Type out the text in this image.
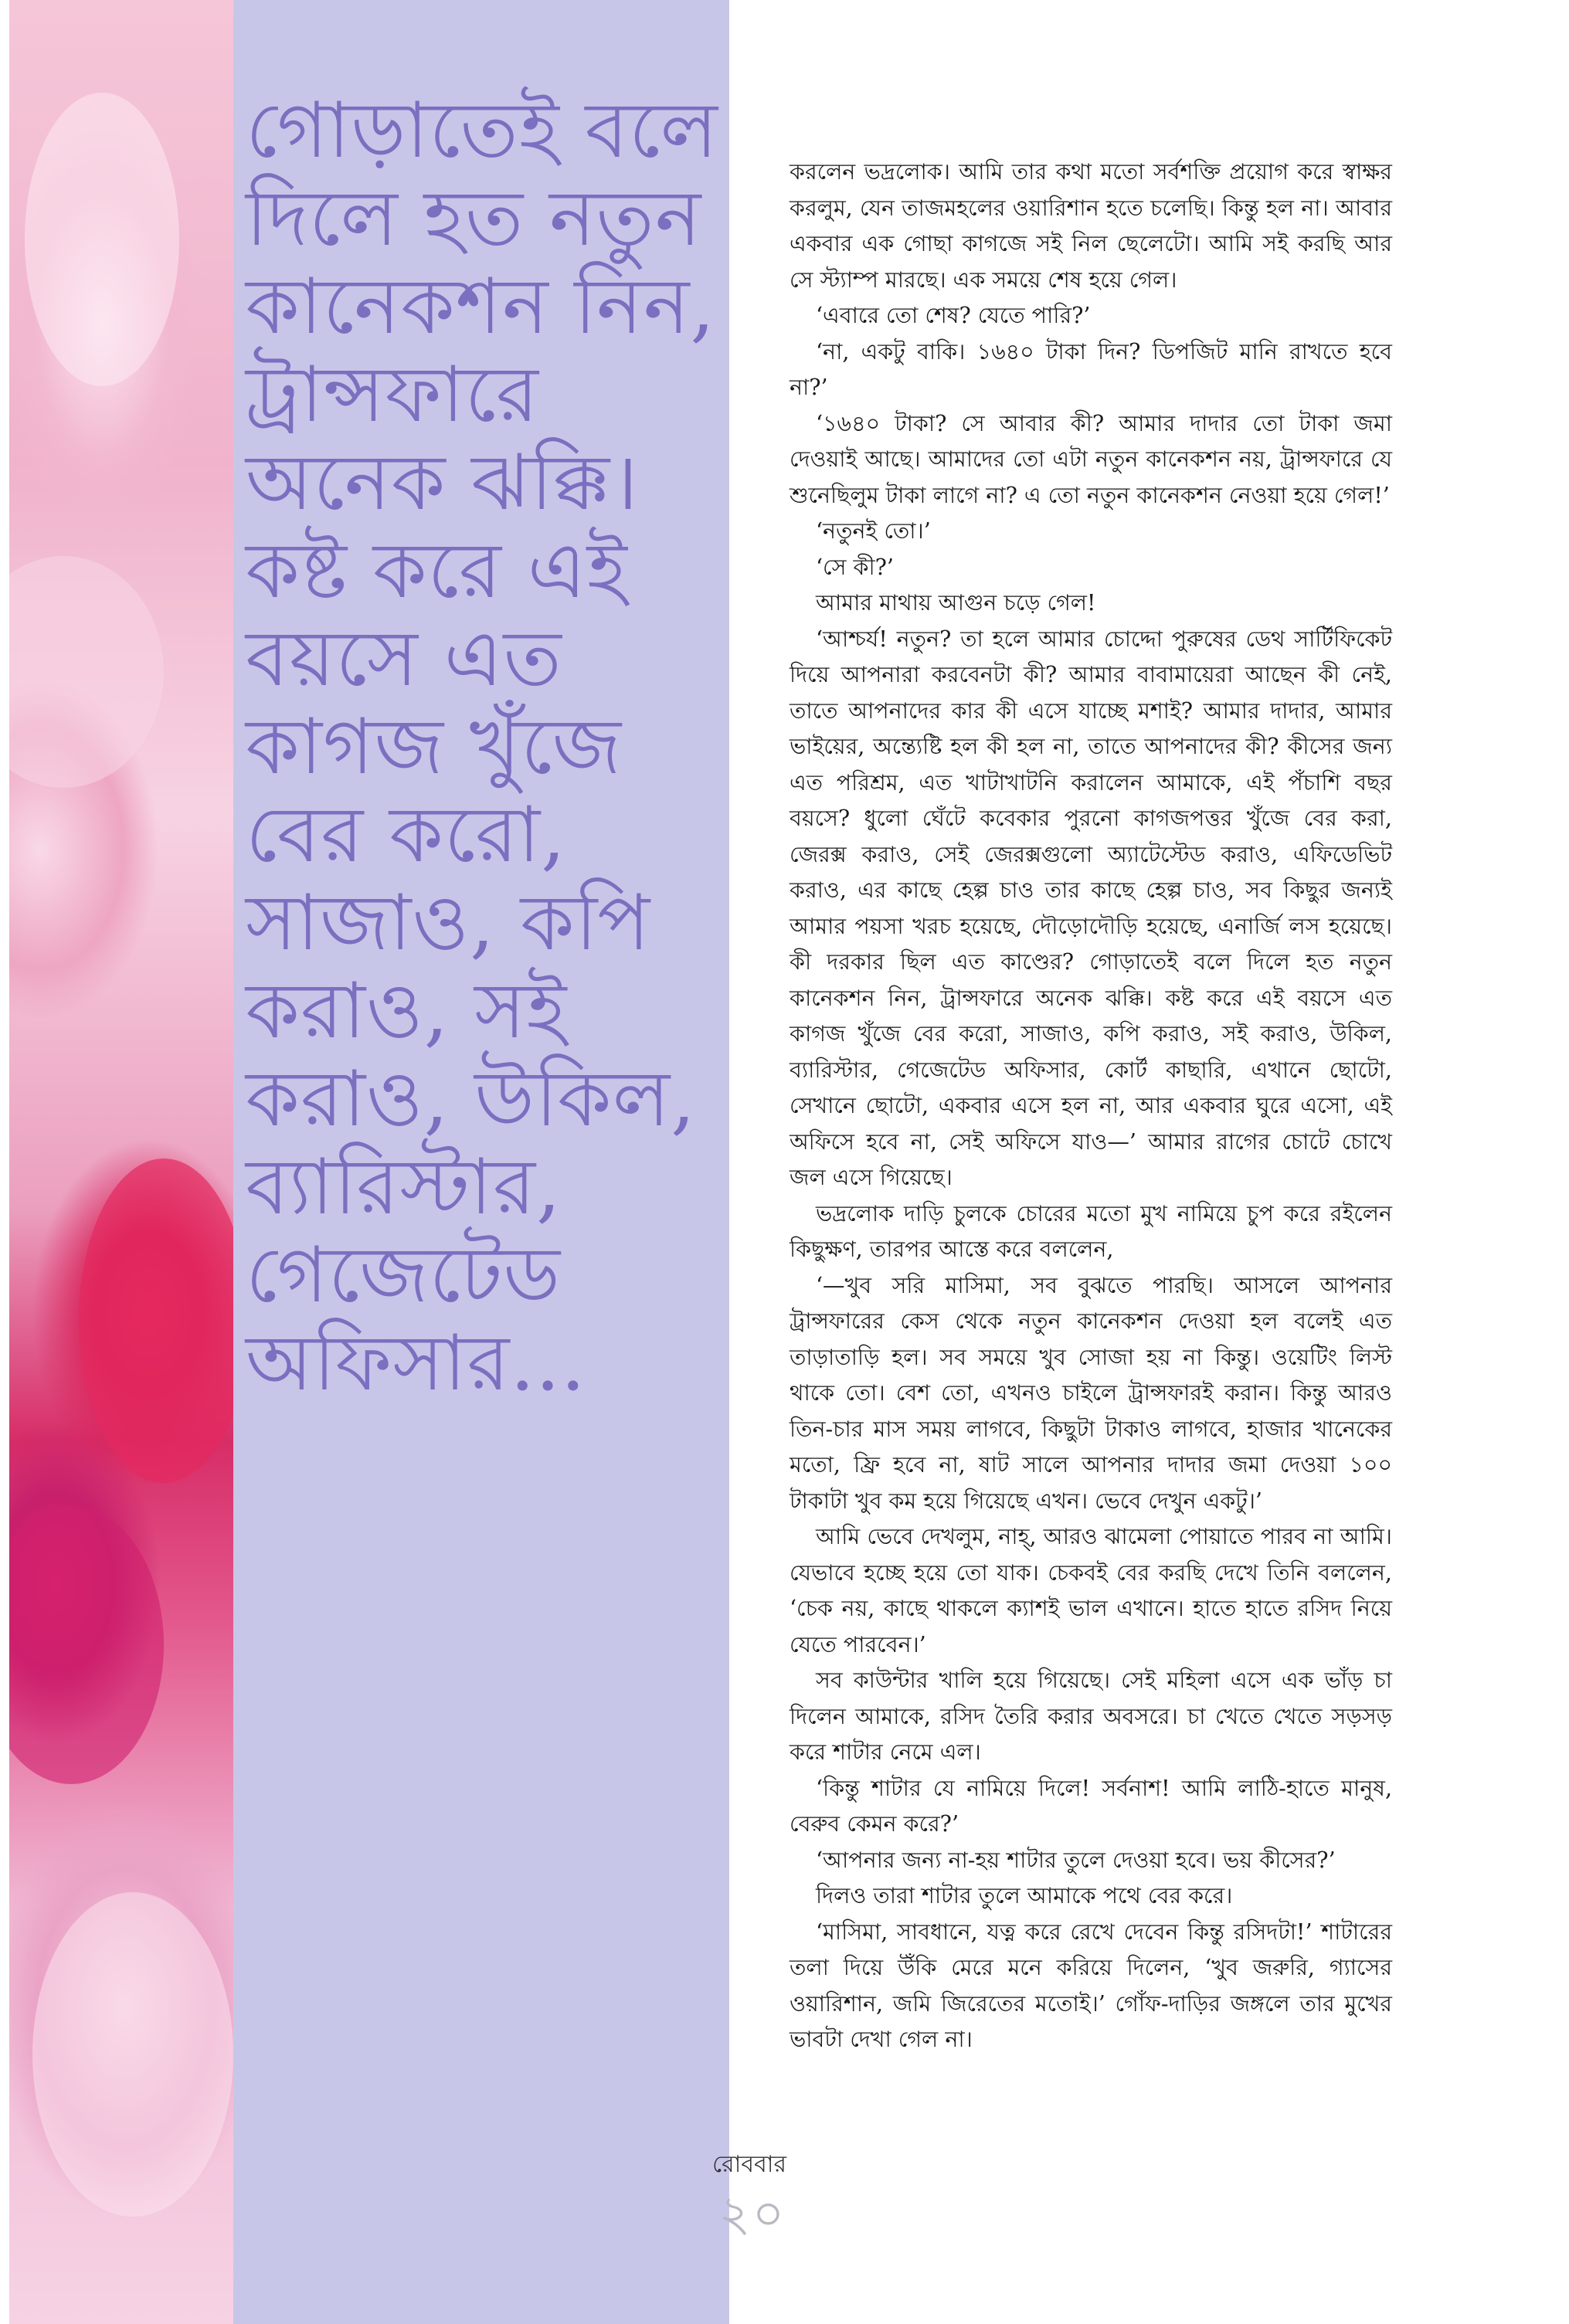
গোড়াতেই বলে দিলে হত নতুন কানেকশন নিন, ট্রান্সফারে অনেক ঝক্কি। কষ্ট করে এই বয়সে এত কাগজ খুঁজে বের করো, সাজাও, কপি করাও, সই করাও, উকিল, ব্যারিস্টার, গেজেটেড অফিসার...

করলেন ভদ্রলোক। আমি তার কথা মতো সর্বশক্তি প্রয়োগ করে স্বাক্ষর করলুম, যেন তাজমহলের ওয়ারিশান হতে চলেছি। কিন্তু হল না। আবার একবার এক গোছা কাগজে সই নিল ছেলেটো। আমি সই করছি আর সে স্ট্যাম্প মারছে। এক সময়ে শেষ হয়ে গেল।

‘এবারে তো শেষ? যেতে পারি?’

‘না, একটু বাকি। ১৬৪০ টাকা দিন? ডিপজিট মানি রাখতে হবে না?’

‘১৬৪০ টাকা? সে আবার কী? আমার দাদার তো টাকা জমা দেওয়াই আছে। আমাদের তো এটা নতুন কানেকশন নয়, ট্রান্সফারে যে শুনেছিলুম টাকা লাগে না? এ তো নতুন কানেকশন নেওয়া হয়ে গেল!’

‘নতুনই তো।’

‘সে কী?’

আমার মাথায় আগুন চড়ে গেল!

‘আশ্চর্য! নতুন? তা হলে আমার চোদ্দো পুরুষের ডেথ সার্টিফিকেট দিয়ে আপনারা করবেনটা কী? আমার বাবামায়েরা আছেন কী নেই, তাতে আপনাদের কার কী এসে যাচ্ছে মশাই? আমার দাদার, আমার ভাইয়ের, অন্ত্যেষ্টি হল কী হল না, তাতে আপনাদের কী? কীসের জন্য এত পরিশ্রম, এত খাটাখাটনি করালেন আমাকে, এই পঁচাশি বছর বয়সে? ধুলো ঘেঁটে কবেকার পুরনো কাগজপত্তর খুঁজে বের করা, জেরক্স করাও, সেই জেরক্সগুলো অ্যাটেস্টেড করাও, এফিডেভিট করাও, এর কাছে হেল্প চাও তার কাছে হেল্প চাও, সব কিছুর জন্যই আমার পয়সা খরচ হয়েছে, দৌড়োদৌড়ি হয়েছে, এনার্জি লস হয়েছে। কী দরকার ছিল এত কাণ্ডের? গোড়াতেই বলে দিলে হত নতুন কানেকশন নিন, ট্রান্সফারে অনেক ঝক্কি। কষ্ট করে এই বয়সে এত কাগজ খুঁজে বের করো, সাজাও, কপি করাও, সই করাও, উকিল, ব্যারিস্টার, গেজেটেড অফিসার, কোর্ট কাছারি, এখানে ছোটো, সেখানে ছোটো, একবার এসে হল না, আর একবার ঘুরে এসো, এই অফিসে হবে না, সেই অফিসে যাও—’ আমার রাগের চোটে চোখে জল এসে গিয়েছে।

ভদ্রলোক দাড়ি চুলকে চোরের মতো মুখ নামিয়ে চুপ করে রইলেন কিছুক্ষণ, তারপর আস্তে করে বললেন,

‘—খুব সরি মাসিমা, সব বুঝতে পারছি। আসলে আপনার ট্রান্সফারের কেস থেকে নতুন কানেকশন দেওয়া হল বলেই এত তাড়াতাড়ি হল। সব সময়ে খুব সোজা হয় না কিন্তু। ওয়েটিং লিস্ট থাকে তো। বেশ তো, এখনও চাইলে ট্রান্সফারই করান। কিন্তু আরও তিন-চার মাস সময় লাগবে, কিছুটা টাকাও লাগবে, হাজার খানেকের মতো, ফ্রি হবে না, ষাট সালে আপনার দাদার জমা দেওয়া ১০০ টাকাটা খুব কম হয়ে গিয়েছে এখন। ভেবে দেখুন একটু।’

আমি ভেবে দেখলুম, নাহ্‌, আরও ঝামেলা পোয়াতে পারব না আমি। যেভাবে হচ্ছে হয়ে তো যাক। চেকবই বের করছি দেখে তিনি বললেন, ‘চেক নয়, কাছে থাকলে ক্যাশই ভাল এখানে। হাতে হাতে রসিদ নিয়ে যেতে পারবেন।’

সব কাউন্টার খালি হয়ে গিয়েছে। সেই মহিলা এসে এক ভাঁড় চা দিলেন আমাকে, রসিদ তৈরি করার অবসরে। চা খেতে খেতে সড়সড় করে শাটার নেমে এল।

‘কিন্তু শাটার যে নামিয়ে দিলে! সর্বনাশ! আমি লাঠি-হাতে মানুষ, বেরুব কেমন করে?’

‘আপনার জন্য না-হয় শাটার তুলে দেওয়া হবে। ভয় কীসের?’

দিলও তারা শাটার তুলে আমাকে পথে বের করে।

‘মাসিমা, সাবধানে, যত্ন করে রেখে দেবেন কিন্তু রসিদটা!’ শাটারের তলা দিয়ে উঁকি মেরে মনে করিয়ে দিলেন, ‘খুব জরুরি, গ্যাসের ওয়ারিশান, জমি জিরেতের মতোই।’ গোঁফ-দাড়ির জঙ্গলে তার মুখের ভাবটা দেখা গেল না।

রোববার
২০
